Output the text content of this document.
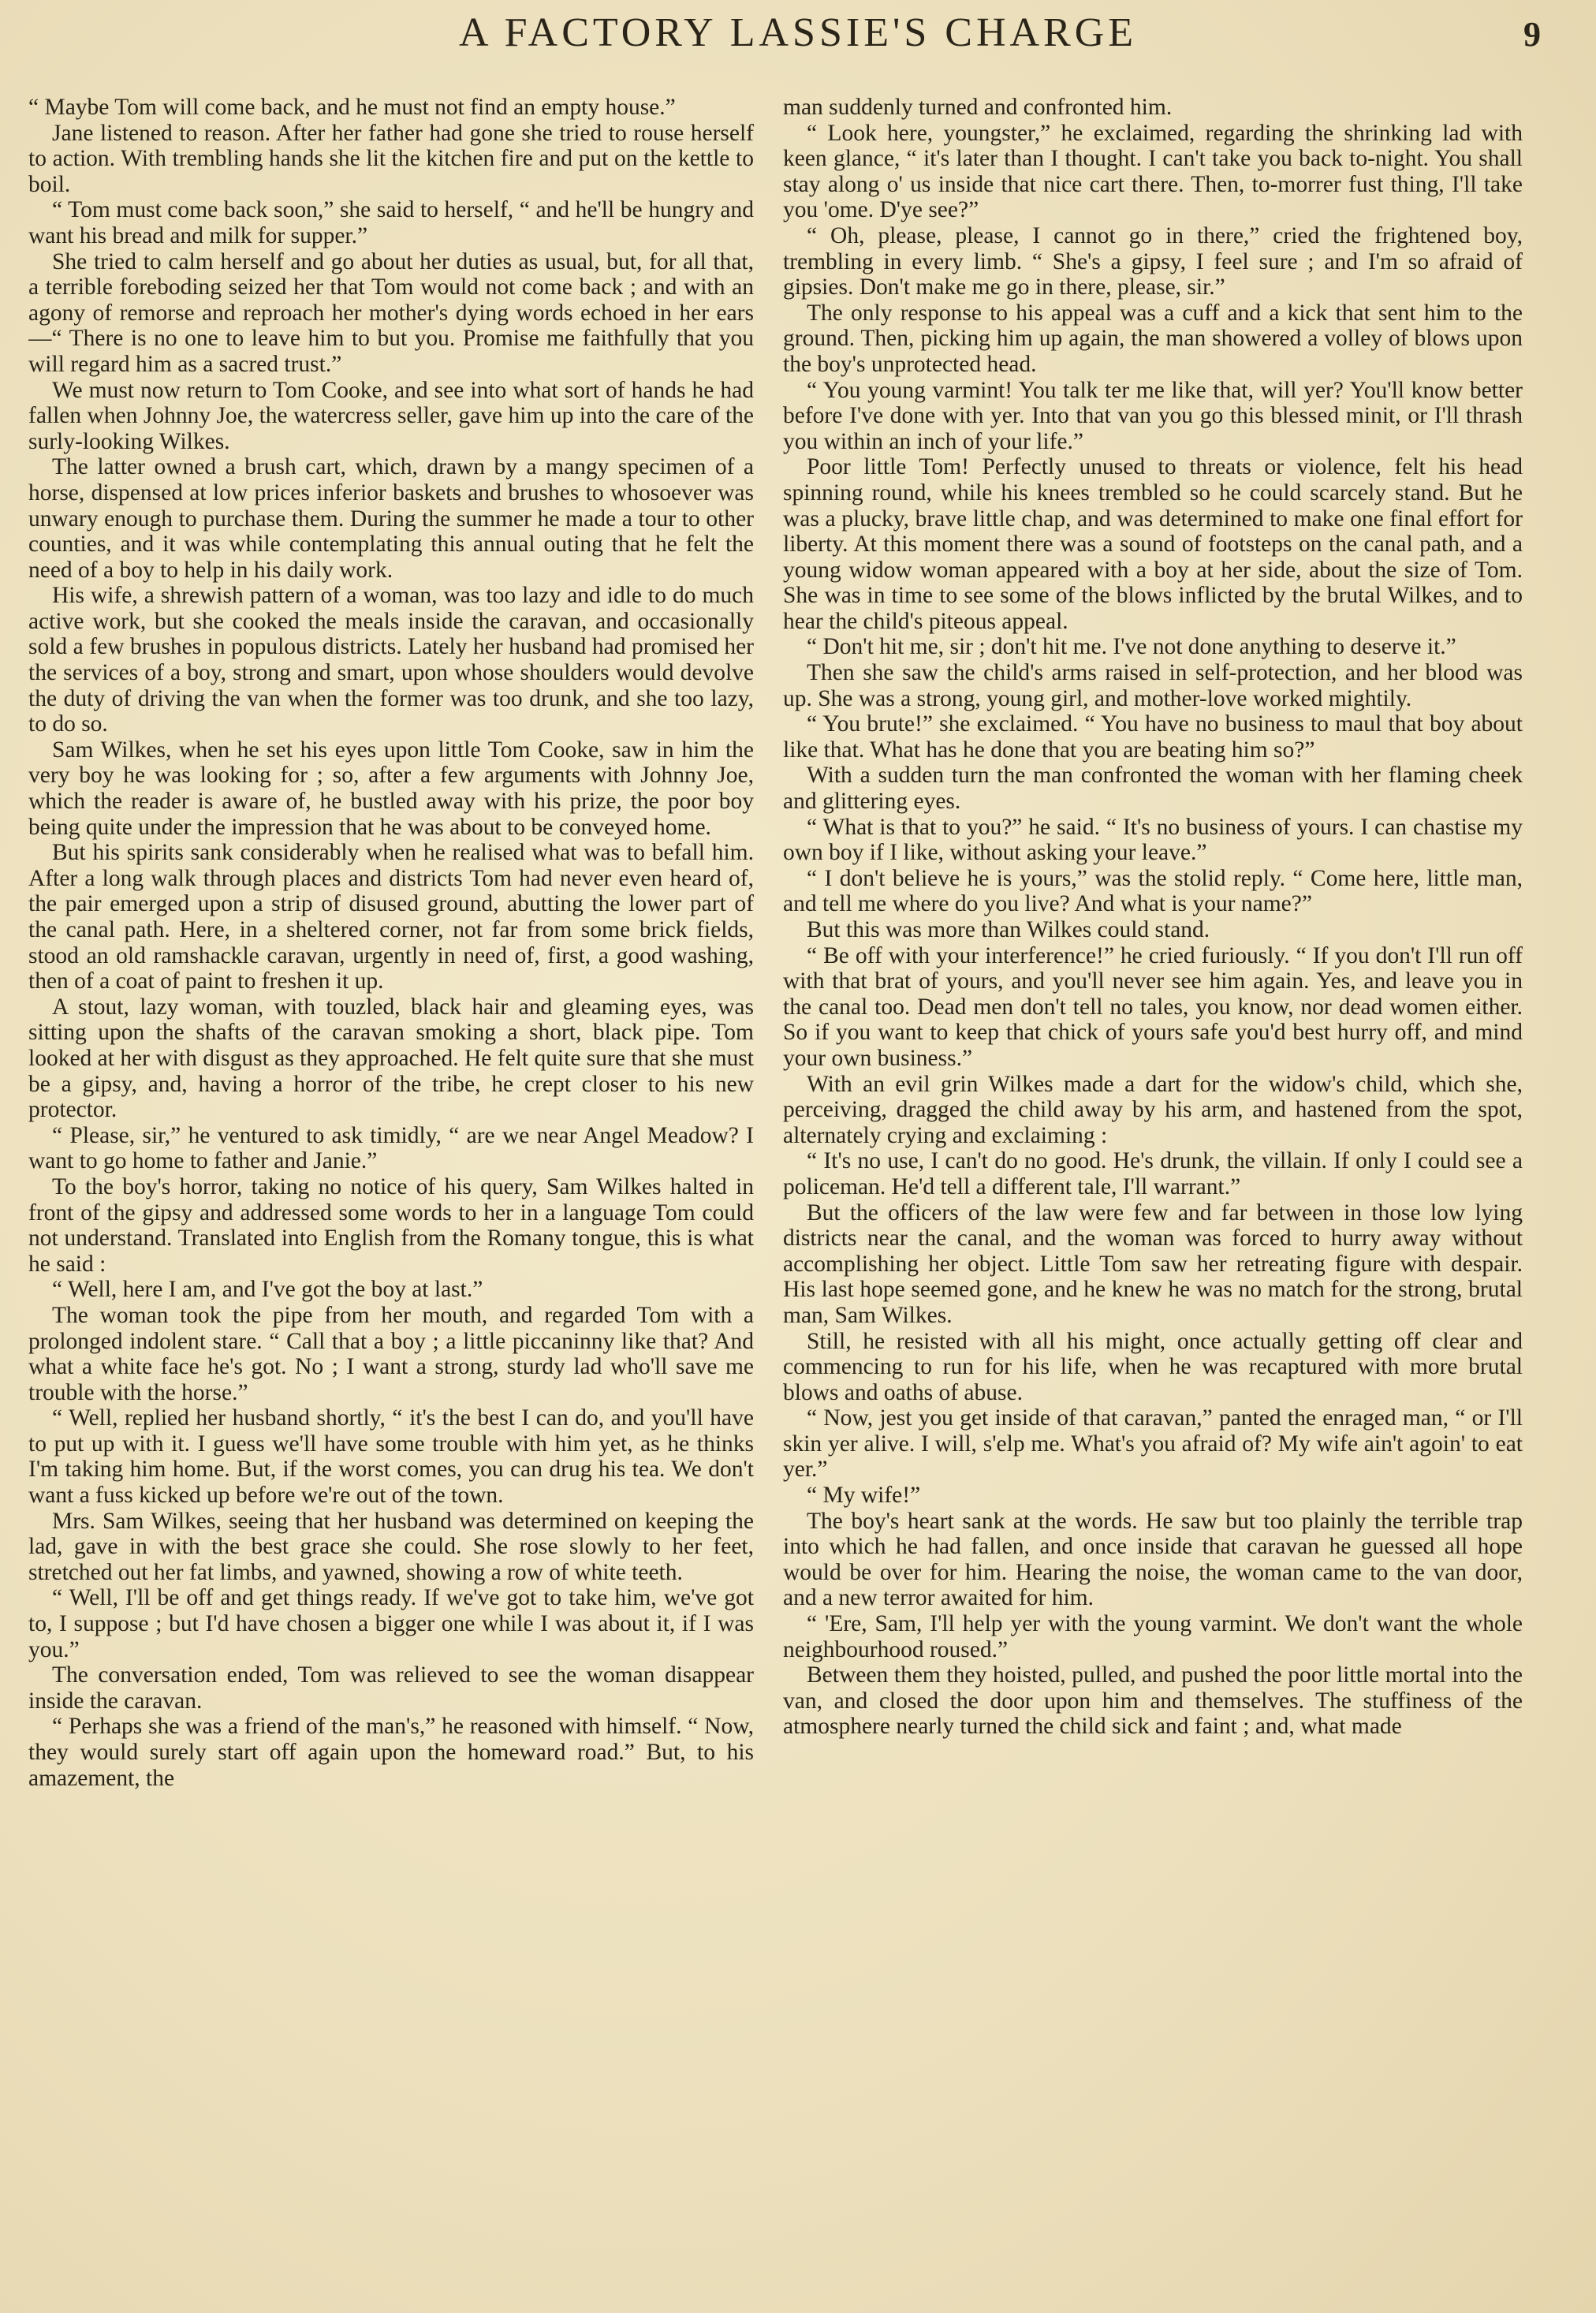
A FACTORY LASSIE'S CHARGE	9

“ Maybe Tom will come back, and he must not find an empty house.”

Jane listened to reason. After her father had gone she tried to rouse herself to action. With trembling hands she lit the kitchen fire and put on the kettle to boil.

“ Tom must come back soon,” she said to herself, “ and he'll be hungry and want his bread and milk for supper.”

She tried to calm herself and go about her duties as usual, but, for all that, a terrible foreboding seized her that Tom would not come back ; and with an agony of remorse and reproach her mother's dying words echoed in her ears—“ There is no one to leave him to but you. Promise me faithfully that you will regard him as a sacred trust.”

We must now return to Tom Cooke, and see into what sort of hands he had fallen when Johnny Joe, the watercress seller, gave him up into the care of the surly-looking Wilkes.

The latter owned a brush cart, which, drawn by a mangy specimen of a horse, dispensed at low prices inferior baskets and brushes to whosoever was unwary enough to purchase them. During the summer he made a tour to other counties, and it was while contemplating this annual outing that he felt the need of a boy to help in his daily work.

His wife, a shrewish pattern of a woman, was too lazy and idle to do much active work, but she cooked the meals inside the caravan, and occasionally sold a few brushes in populous districts. Lately her husband had promised her the services of a boy, strong and smart, upon whose shoulders would devolve the duty of driving the van when the former was too drunk, and she too lazy, to do so.

Sam Wilkes, when he set his eyes upon little Tom Cooke, saw in him the very boy he was looking for ; so, after a few arguments with Johnny Joe, which the reader is aware of, he bustled away with his prize, the poor boy being quite under the impression that he was about to be conveyed home.

But his spirits sank considerably when he realised what was to befall him. After a long walk through places and districts Tom had never even heard of, the pair emerged upon a strip of disused ground, abutting the lower part of the canal path. Here, in a sheltered corner, not far from some brick fields, stood an old ramshackle caravan, urgently in need of, first, a good washing, then of a coat of paint to freshen it up.

A stout, lazy woman, with touzled, black hair and gleaming eyes, was sitting upon the shafts of the caravan smoking a short, black pipe. Tom looked at her with disgust as they approached. He felt quite sure that she must be a gipsy, and, having a horror of the tribe, he crept closer to his new protector.

“ Please, sir,” he ventured to ask timidly, “ are we near Angel Meadow? I want to go home to father and Janie.”

To the boy's horror, taking no notice of his query, Sam Wilkes halted in front of the gipsy and addressed some words to her in a language Tom could not understand. Translated into English from the Romany tongue, this is what he said :

“ Well, here I am, and I've got the boy at last.”

The woman took the pipe from her mouth, and regarded Tom with a prolonged indolent stare. “ Call that a boy ; a little piccaninny like that? And what a white face he's got. No ; I want a strong, sturdy lad who'll save me trouble with the horse.”

“ Well, replied her husband shortly, “ it's the best I can do, and you'll have to put up with it. I guess we'll have some trouble with him yet, as he thinks I'm taking him home. But, if the worst comes, you can drug his tea. We don't want a fuss kicked up before we're out of the town.

Mrs. Sam Wilkes, seeing that her husband was determined on keeping the lad, gave in with the best grace she could. She rose slowly to her feet, stretched out her fat limbs, and yawned, showing a row of white teeth.

“ Well, I'll be off and get things ready. If we've got to take him, we've got to, I suppose ; but I'd have chosen a bigger one while I was about it, if I was you.”

The conversation ended, Tom was relieved to see the woman disappear inside the caravan.

“ Perhaps she was a friend of the man's,” he reasoned with himself. “ Now, they would surely start off again upon the homeward road.” But, to his amazement, the

man suddenly turned and confronted him.

“ Look here, youngster,” he exclaimed, regarding the shrinking lad with keen glance, “ it's later than I thought. I can't take you back to-night. You shall stay along o' us inside that nice cart there. Then, to-morrer fust thing, I'll take you 'ome. D'ye see?”

“ Oh, please, please, I cannot go in there,” cried the frightened boy, trembling in every limb. “ She's a gipsy, I feel sure ; and I'm so afraid of gipsies. Don't make me go in there, please, sir.”

The only response to his appeal was a cuff and a kick that sent him to the ground. Then, picking him up again, the man showered a volley of blows upon the boy's unprotected head.

“ You young varmint! You talk ter me like that, will yer? You'll know better before I've done with yer. Into that van you go this blessed minit, or I'll thrash you within an inch of your life.”

Poor little Tom! Perfectly unused to threats or violence, felt his head spinning round, while his knees trembled so he could scarcely stand. But he was a plucky, brave little chap, and was determined to make one final effort for liberty. At this moment there was a sound of footsteps on the canal path, and a young widow woman appeared with a boy at her side, about the size of Tom. She was in time to see some of the blows inflicted by the brutal Wilkes, and to hear the child's piteous appeal.

“ Don't hit me, sir ; don't hit me. I've not done anything to deserve it.”

Then she saw the child's arms raised in self-protection, and her blood was up. She was a strong, young girl, and mother-love worked mightily.

“ You brute!” she exclaimed. “ You have no business to maul that boy about like that. What has he done that you are beating him so?”

With a sudden turn the man confronted the woman with her flaming cheek and glittering eyes.

“ What is that to you?” he said. “ It's no business of yours. I can chastise my own boy if I like, without asking your leave.”

“ I don't believe he is yours,” was the stolid reply. “ Come here, little man, and tell me where do you live? And what is your name?”

But this was more than Wilkes could stand.

“ Be off with your interference!” he cried furiously. “ If you don't I'll run off with that brat of yours, and you'll never see him again. Yes, and leave you in the canal too. Dead men don't tell no tales, you know, nor dead women either. So if you want to keep that chick of yours safe you'd best hurry off, and mind your own business.”

With an evil grin Wilkes made a dart for the widow's child, which she, perceiving, dragged the child away by his arm, and hastened from the spot, alternately crying and exclaiming :

“ It's no use, I can't do no good. He's drunk, the villain. If only I could see a policeman. He'd tell a different tale, I'll warrant.”

But the officers of the law were few and far between in those low lying districts near the canal, and the woman was forced to hurry away without accomplishing her object. Little Tom saw her retreating figure with despair. His last hope seemed gone, and he knew he was no match for the strong, brutal man, Sam Wilkes.

Still, he resisted with all his might, once actually getting off clear and commencing to run for his life, when he was recaptured with more brutal blows and oaths of abuse.

“ Now, jest you get inside of that caravan,” panted the enraged man, “ or I'll skin yer alive. I will, s'elp me. What's you afraid of? My wife ain't agoin' to eat yer.”

“ My wife!”

The boy's heart sank at the words. He saw but too plainly the terrible trap into which he had fallen, and once inside that caravan he guessed all hope would be over for him. Hearing the noise, the woman came to the van door, and a new terror awaited for him.

“ 'Ere, Sam, I'll help yer with the young varmint. We don't want the whole neighbourhood roused.”

Between them they hoisted, pulled, and pushed the poor little mortal into the van, and closed the door upon him and themselves. The stuffiness of the atmosphere nearly turned the child sick and faint ; and, what made
